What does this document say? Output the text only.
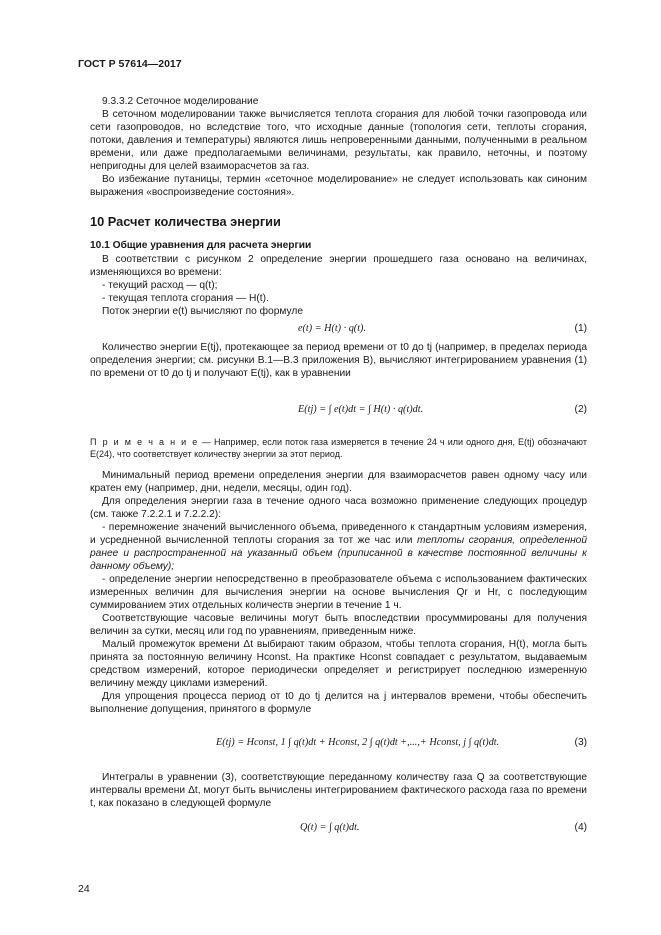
ГОСТ Р 57614—2017

9.3.3.2 Сеточное моделирование

В сеточном моделировании также вычисляется теплота сгорания для любой точки газопровода или сети газопроводов, но вследствие того, что исходные данные (топология сети, теплоты сгорания, потоки, давления и температуры) являются лишь непроверенными данными, полученными в реальном времени, или даже предполагаемыми величинами, результаты, как правило, неточны, и поэтому непригодны для целей взаиморасчетов за газ.

Во избежание путаницы, термин «сеточное моделирование» не следует использовать как синоним выражения «воспроизведение состояния».

10 Расчет количества энергии
10.1 Общие уравнения для расчета энергии

В соответствии с рисунком 2 определение энергии прошедшего газа основано на величинах, изменяющихся во времени:

- текущий расход — q(t);

- текущая теплота сгорания — H(t).

Поток энергии e(t) вычисляют по формуле

e(t) = H(t) · q(t).	(1)

Количество энергии E(tj), протекающее за период времени от t0 до tj (например, в пределах периода определения энергии; см. рисунки В.1—В.3 приложения В), вычисляют интегрированием уравнения (1) по времени от t0 до tj и получают E(tj), как в уравнении

E(tj) = ∫ e(t)dt = ∫ H(t) · q(t)dt.	(2)
П р и м е ч а н и е — Например, если поток газа измеряется в течение 24 ч или одного дня, E(tj) обозначают E(24), что соответствует количеству энергии за этот период.

Минимальный период времени определения энергии для взаиморасчетов равен одному часу или кратен ему (например, дни, недели, месяцы, один год).

Для определения энергии газа в течение одного часа возможно применение следующих процедур (см. также 7.2.2.1 и 7.2.2.2):

- перемножение значений вычисленного объема, приведенного к стандартным условиям измерения, и усредненной вычисленной теплоты сгорания за тот же час или теплоты сгорания, определенной ранее и распространенной на указанный объем (приписанной в качестве постоянной величины к данному объему);

- определение энергии непосредственно в преобразователе объема с использованием фактических измеренных величин для вычисления энергии на основе вычисления Qr и Hr, с последующим суммированием этих отдельных количеств энергии в течение 1 ч.

Соответствующие часовые величины могут быть впоследствии просуммированы для получения величин за сутки, месяц или год по уравнениям, приведенным ниже.

Малый промежуток времени Δt выбирают таким образом, чтобы теплота сгорания, H(t), могла быть принята за постоянную величину Hconst. На практике Hconst совпадает с результатом, выдаваемым средством измерений, которое периодически определяет и регистрирует последнюю измеренную величину между циклами измерений.

Для упрощения процесса период от t0 до tj делится на j интервалов времени, чтобы обеспечить выполнение допущения, принятого в формуле

E(tj) = Hconst, 1 ∫ q(t)dt + Hconst, 2 ∫ q(t)dt +,...,+ Hconst, j ∫ q(t)dt.	(3)

Интегралы в уравнении (3), соответствующие переданному количеству газа Q за соответствующие интервалы времени Δt, могут быть вычислены интегрированием фактического расхода газа по времени t, как показано в следующей формуле

Q(t) = ∫ q(t)dt.	(4)
24
